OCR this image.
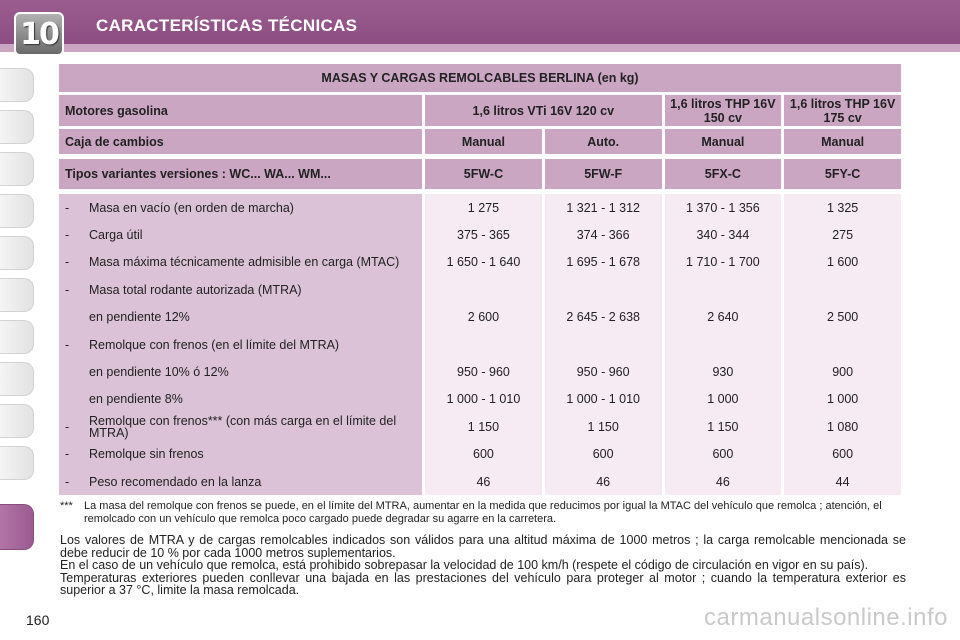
10	CARACTERÍSTICAS TÉCNICAS
MASAS Y CARGAS REMOLCABLES BERLINA (en kg)				

Motores gasolina	1,6 litros VTi 16V 120 cv		1,6 litros THP 16V 150 cv	1,6 litros THP 16V 175 cv

Caja de cambios	Manual	Auto.	Manual	Manual

Tipos variantes versiones : WC... WA... WM...	5FW-C	5FW-F	5FX-C	5FY-C

- Masa en vacío (en orden de marcha)	1 275	1 321 - 1 312	1 370 - 1 356	1 325

- Carga útil	375 - 365	374 - 366	340 - 344	275

- Masa máxima técnicamente admisible en carga (MTAC)	1 650 - 1 640	1 695 - 1 678	1 710 - 1 700	1 600

- Masa total rodante autorizada (MTRA)				

en pendiente 12%	2 600	2 645 - 2 638	2 640	2 500

- Remolque con frenos (en el límite del MTRA)				

en pendiente 10% ó 12%	950 - 960	950 - 960	930	900

en pendiente 8%	1 000 - 1 010	1 000 - 1 010	1 000	1 000

- Remolque con frenos*** (con más carga en el límite del MTRA)	1 150	1 150	1 150	1 080

- Remolque sin frenos	600	600	600	600

- Peso recomendado en la lanza	46	46	46	44
***	La masa del remolque con frenos se puede, en el límite del MTRA, aumentar en la medida que reducimos por igual la MTAC del vehículo que remolca ; atención, el remolcado con un vehículo que remolca poco cargado puede degradar su agarre en la carretera.
Los valores de MTRA y de cargas remolcables indicados son válidos para una altitud máxima de 1000 metros ; la carga remolcable mencionada se debe reducir de 10 % por cada 1000 metros suplementarios.
En el caso de un vehículo que remolca, está prohibido sobrepasar la velocidad de 100 km/h (respete el código de circulación en vigor en su país).
Temperaturas exteriores pueden conllevar una bajada en las prestaciones del vehículo para proteger al motor ; cuando la temperatura exterior es superior a 37 °C, limite la masa remolcada.
160	carmanualsonline.info
